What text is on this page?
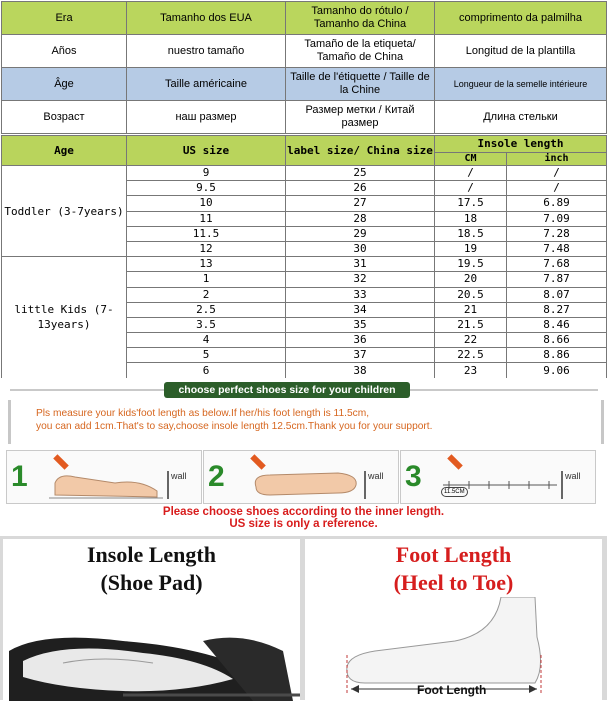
Era	Tamanho dos EUA	Tamanho do rótulo / Tamanho da China	comprimento da palmilha
Años	nuestro tamaño	Tamaño de la etiqueta/ Tamaño de China	Longitud de la plantilla
Âge	Taille américaine	Taille de l'étiquette / Taille de la Chine	Longueur de la semelle intérieure
Возраст	наш размер	Размер метки / Китай размер	Длина стельки
Age	US size	label size/ China size	Insole length	
			CM	inch
Toddler (3-7years)	9	25	/	/
	9.5	26	/	/
	10	27	17.5	6.89
	11	28	18	7.09
	11.5	29	18.5	7.28
	12	30	19	7.48
little Kids (7-13years)	13	31	19.5	7.68
	1	32	20	7.87
	2	33	20.5	8.07
	2.5	34	21	8.27
	3.5	35	21.5	8.46
	4	36	22	8.66
	5	37	22.5	8.86
	6	38	23	9.06
choose perfect shoes size for your children
Pls measure your kids'foot length as below.If her/his foot length is 11.5cm,
you can add 1cm.That's to say,choose insole length 12.5cm.Thank you for your support.
1	wall 2	wall 3	11.5CM
wall
Please choose shoes according to the inner length.
US size is only a reference.
Insole Length
(Shoe Pad)
Foot Length
(Heel to Toe)
Foot Length
